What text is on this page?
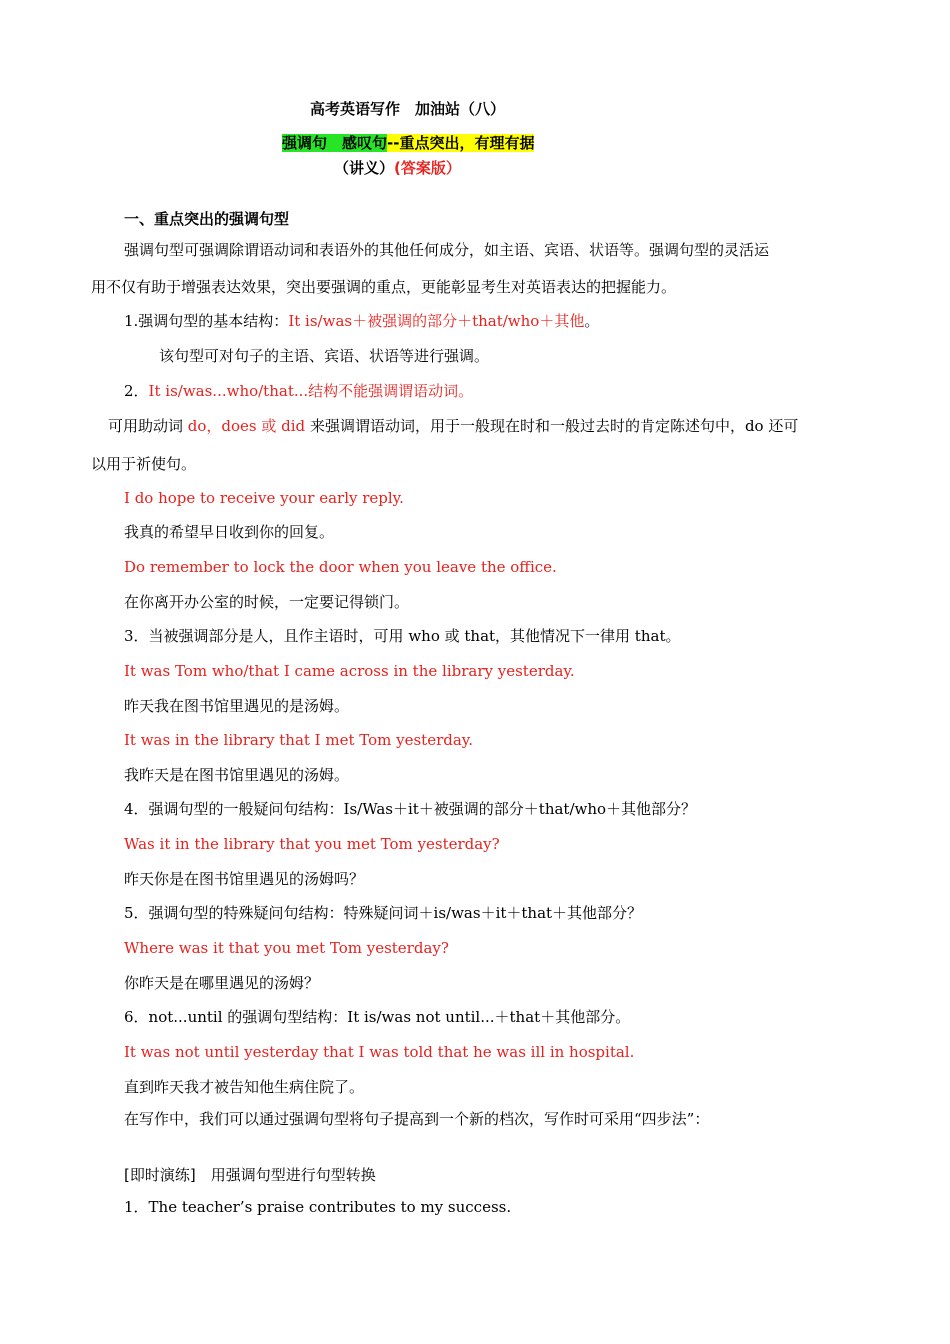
高考英语写作　加油站（八）
强调句　感叹句--重点突出，有理有据
（讲义）(答案版）
一、重点突出的强调句型
强调句型可强调除谓语动词和表语外的其他任何成分，如主语、宾语、状语等。强调句型的灵活运
用不仅有助于增强表达效果，突出要强调的重点，更能彰显考生对英语表达的把握能力。
1.强调句型的基本结构：It is/was＋被强调的部分＋that/who＋其他。
该句型可对句子的主语、宾语、状语等进行强调。
2．It is/was...who/that...结构不能强调谓语动词。
可用助动词 do，does 或 did 来强调谓语动词，用于一般现在时和一般过去时的肯定陈述句中，do 还可
以用于祈使句。
I do hope to receive your early reply.
我真的希望早日收到你的回复。
Do remember to lock the door when you leave the office.
在你离开办公室的时候，一定要记得锁门。
3．当被强调部分是人，且作主语时，可用 who 或 that，其他情况下一律用 that。
It was Tom who/that I came across in the library yesterday.
昨天我在图书馆里遇见的是汤姆。
It was in the library that I met Tom yesterday.
我昨天是在图书馆里遇见的汤姆。
4．强调句型的一般疑问句结构：Is/Was＋it＋被强调的部分＋that/who＋其他部分？
Was it in the library that you met Tom yesterday?
昨天你是在图书馆里遇见的汤姆吗？
5．强调句型的特殊疑问句结构：特殊疑问词＋is/was＋it＋that＋其他部分？
Where was it that you met Tom yesterday?
你昨天是在哪里遇见的汤姆？
6．not...until 的强调句型结构：It is/was not until...＋that＋其他部分。
It was not until yesterday that I was told that he was ill in hospital.
直到昨天我才被告知他生病住院了。
在写作中，我们可以通过强调句型将句子提高到一个新的档次，写作时可采用“四步法”：
[即时演练]　用强调句型进行句型转换
1．The teacher’s praise contributes to my success.
